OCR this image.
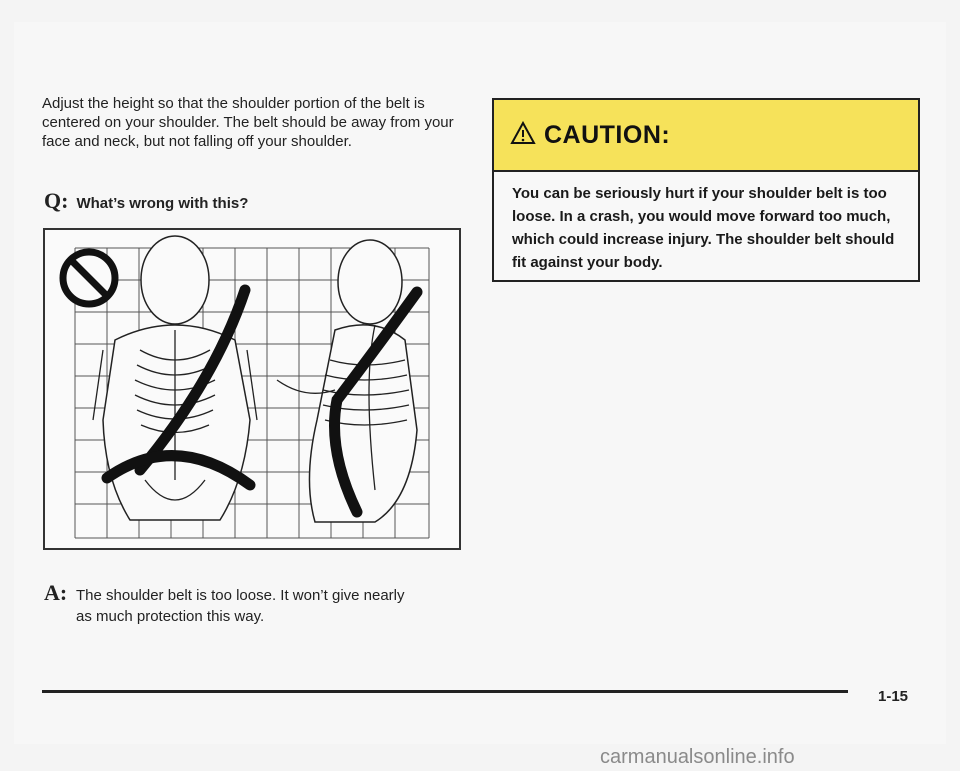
Adjust the height so that the shoulder portion of the belt is centered on your shoulder. The belt should be away from your face and neck, but not falling off your shoulder.

Q: What’s wrong with this?
A: The shoulder belt is too loose. It won’t give nearly
as much protection this way.
CAUTION:
You can be seriously hurt if your shoulder belt is too loose. In a crash, you would move forward too much, which could increase injury. The shoulder belt should fit against your body.
1-15
carmanualsonline.info
